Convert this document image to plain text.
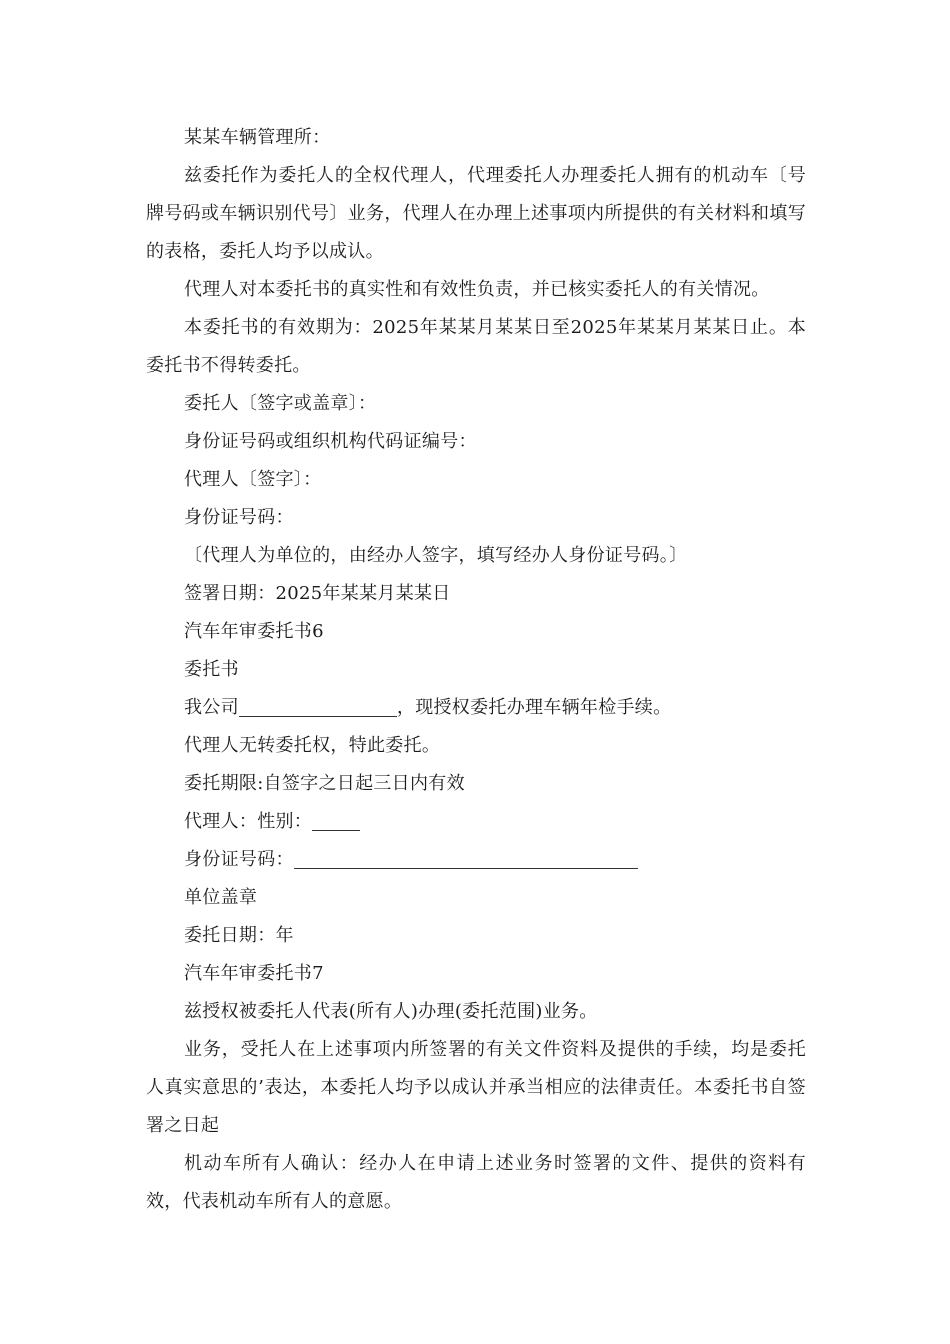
某某车辆管理所：

兹委托作为委托人的全权代理人，代理委托人办理委托人拥有的机动车〔号牌号码或车辆识别代号〕业务，代理人在办理上述事项内所提供的有关材料和填写的表格，委托人均予以成认。

代理人对本委托书的真实性和有效性负责，并已核实委托人的有关情况。

本委托书的有效期为：2025年某某月某某日至2025年某某月某某日止。本委托书不得转委托。

委托人〔签字或盖章〕：

身份证号码或组织机构代码证编号：

代理人〔签字〕：

身份证号码：

〔代理人为单位的，由经办人签字，填写经办人身份证号码。〕

签署日期：2025年某某月某某日

汽车年审委托书6

委托书

我公司	，现授权委托办理车辆年检手续。

代理人无转委托权，特此委托。

委托期限:自签字之日起三日内有效

代理人：性别：

身份证号码：

单位盖章

委托日期：年

汽车年审委托书7

兹授权被委托人代表(所有人)办理(委托范围)业务。

业务，受托人在上述事项内所签署的有关文件资料及提供的手续，均是委托人真实意思的’表达，本委托人均予以成认并承当相应的法律责任。本委托书自签署之日起

机动车所有人确认：经办人在申请上述业务时签署的文件、提供的资料有效，代表机动车所有人的意愿。
